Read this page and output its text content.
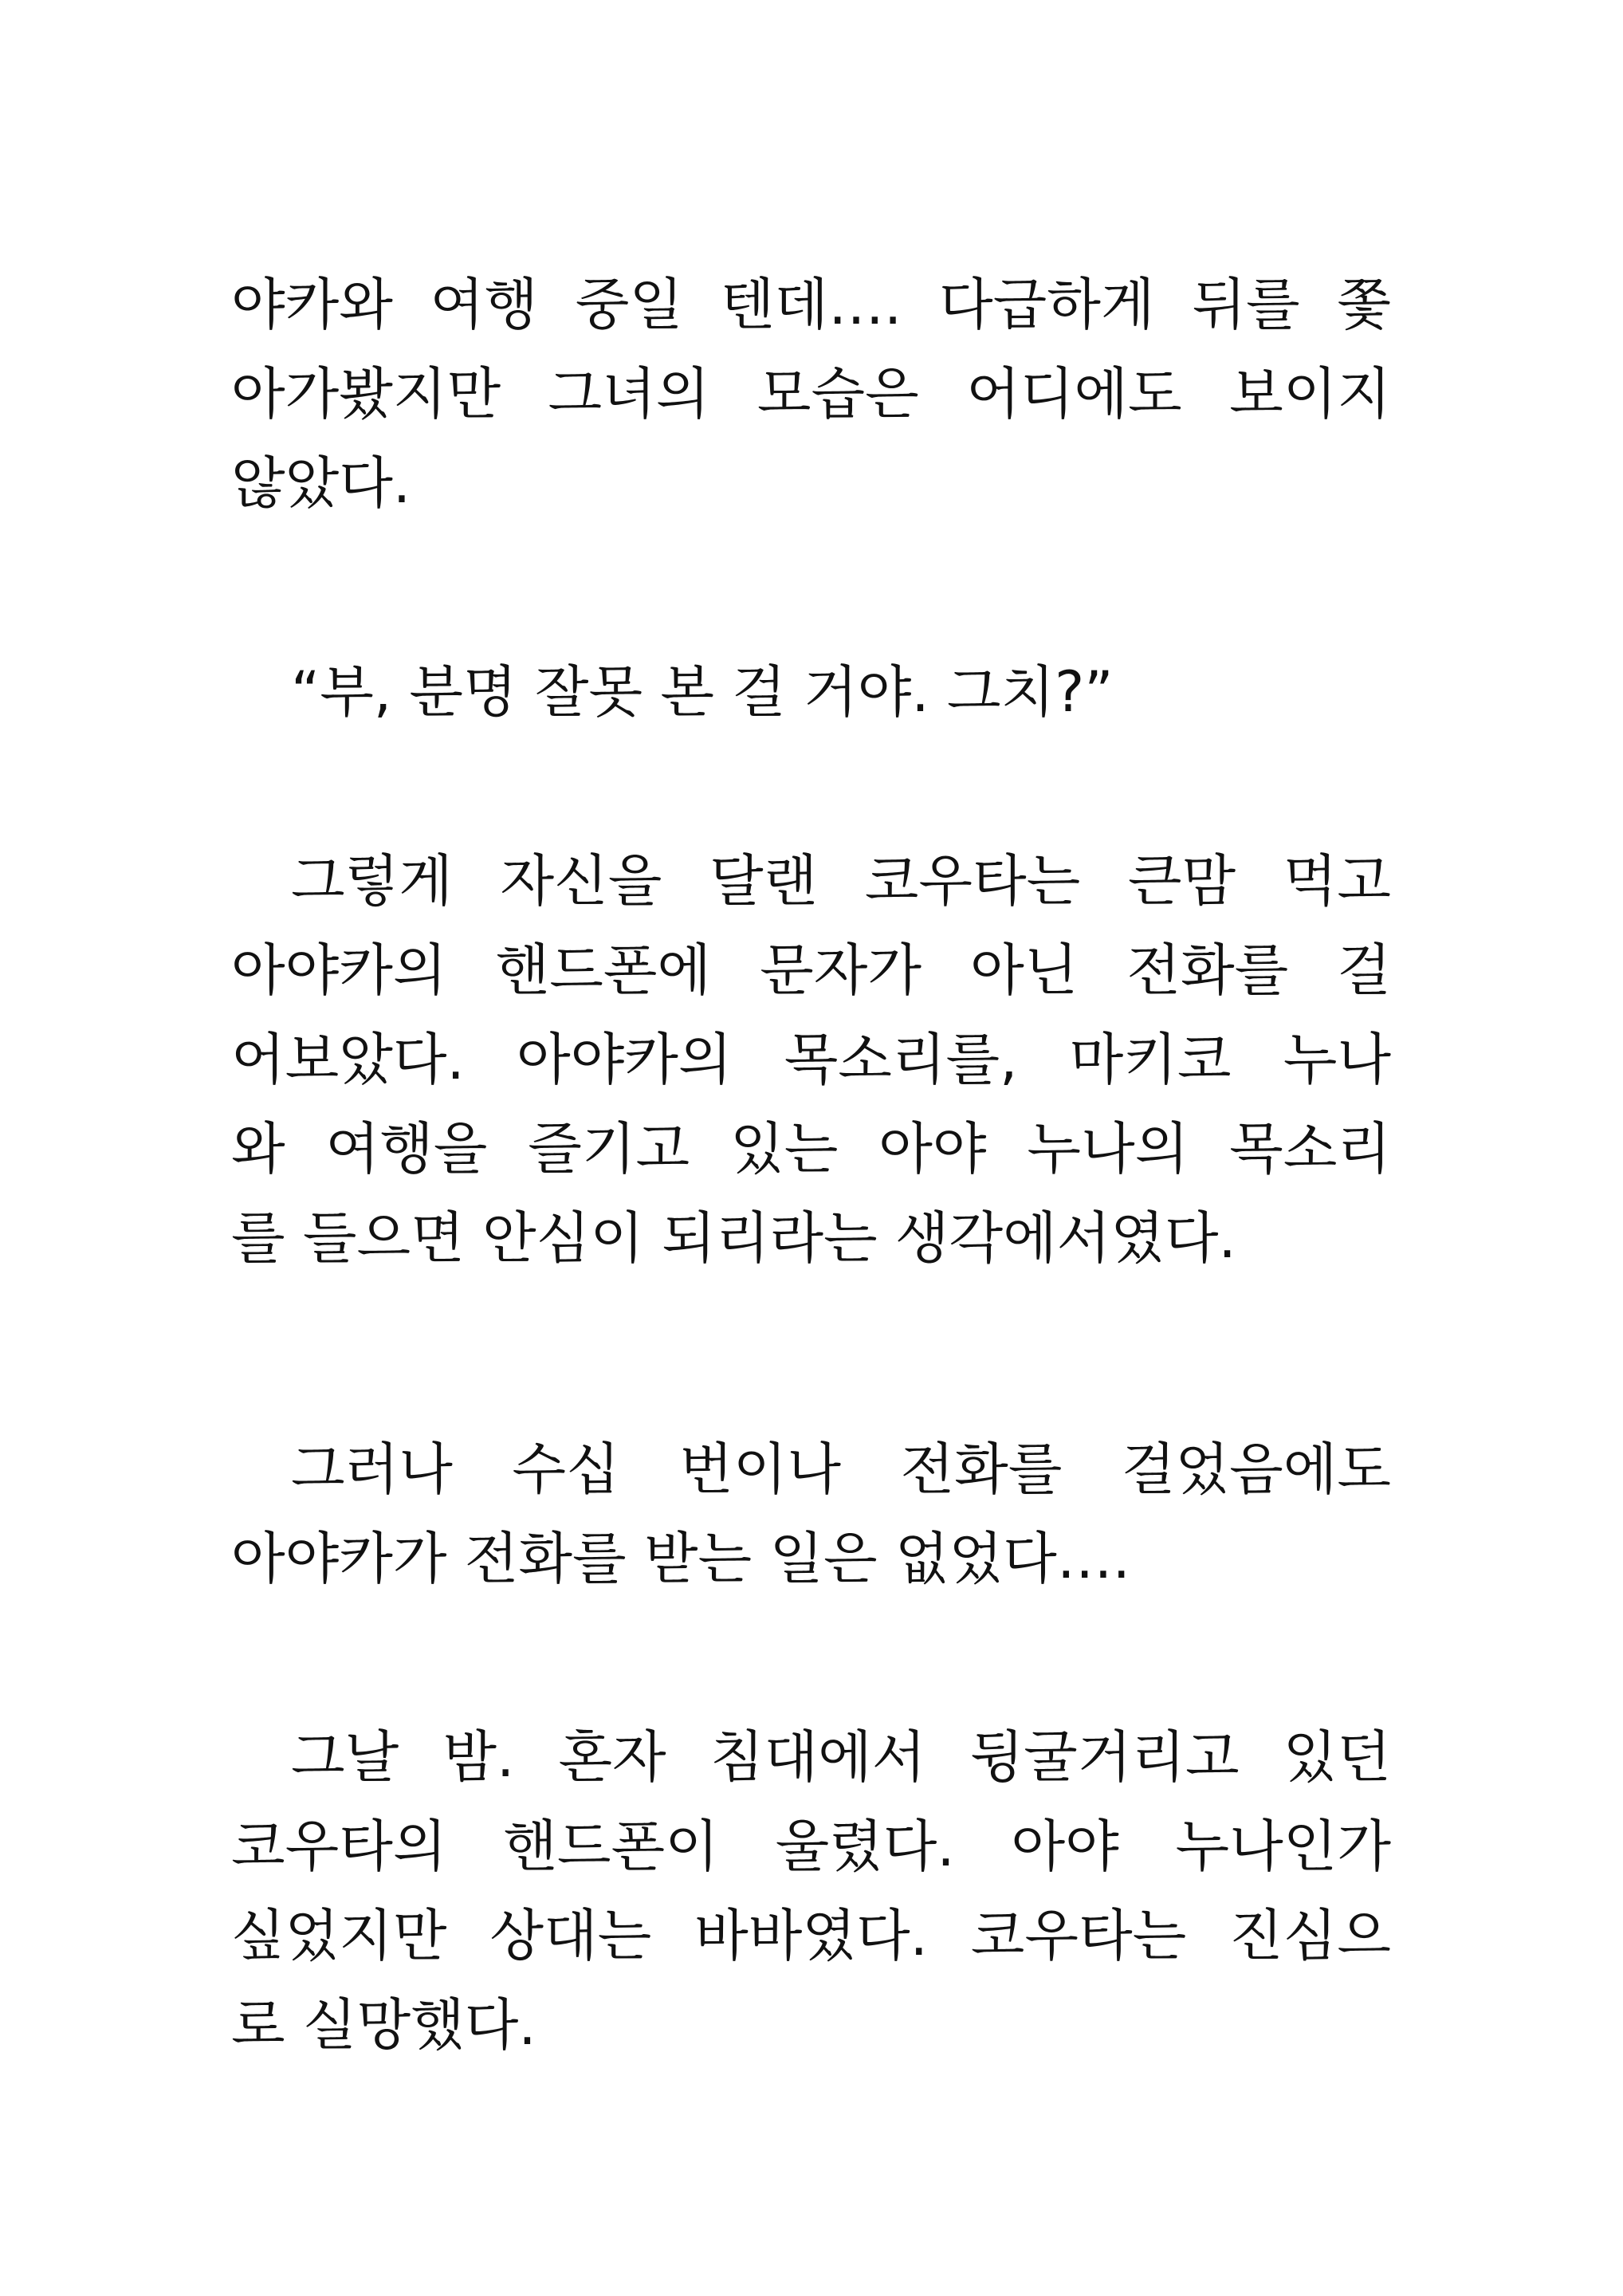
야카와 여행 중일 텐데…. 다급하게 뒤를 쫓
아가봤지만 그녀의 모습은 어디에도 보이지
않았다.
“부, 분명 잘못 본 걸 거야. 그치?”
그렇게 자신을 달랜 코우타는 큰맘 먹고
아야카의 핸드폰에 문자가 아닌 전화를 걸
어보았다. 아야카의 목소리를, 마키코 누나
와 여행을 즐기고 있는 아야 누나의 목소리
를 들으면 안심이 되리라는 생각에서였다.
그러나 수십 번이나 전화를 걸었음에도
아야카가 전화를 받는 일은 없었다….
그날 밤. 혼자 침대에서 뒹굴거리고 있던
코우타의 핸드폰이 울렸다. 아야 누나인가
싶었지만 상대는 바바였다. 코우타는 진심으
로 실망했다.
